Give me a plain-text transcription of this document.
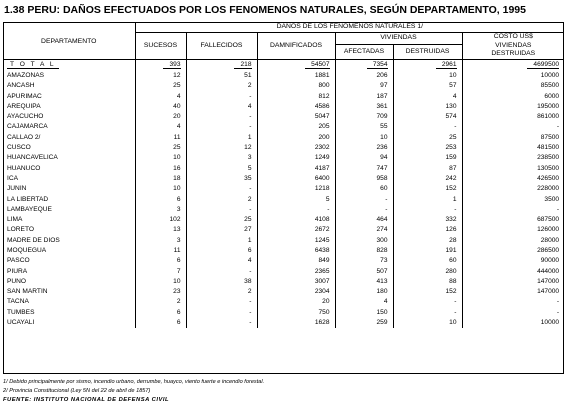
1.38 PERU: DAÑOS EFECTUADOS POR LOS FENOMENOS NATURALES, SEGÚN DEPARTAMENTO, 1995
DEPARTAMENTO	DAÑOS DE LOS FENOMENOS NATURALES 1/					
	SUCESOS	FALLECIDOS	DAMNIFICADOS	VIVIENDAS		COSTO US$ VIVIENDAS DESTRUIDAS
				AFECTADAS	DESTRUIDAS	
T O T A L	393	218	54507	7354	2961	4699500
AMAZONAS	12	51	1881	206	10	10000
ANCASH	25	2	800	97	57	85500
APURIMAC	4	-	812	187	4	6000
AREQUIPA	40	4	4586	361	130	195000
AYACUCHO	20	-	5047	709	574	861000
CAJAMARCA	4	-	205	55	-	-
CALLAO 2/	11	1	200	10	25	87500
CUSCO	25	12	2302	236	253	481500
HUANCAVELICA	10	3	1249	94	159	238500
HUANUCO	16	5	4187	747	87	130500
ICA	18	35	6400	958	242	426500
JUNIN	10	-	1218	60	152	228000
LA LIBERTAD	6	2	5	-	1	3500
LAMBAYEQUE	3	-	-	-	-	-
LIMA	102	25	4108	464	332	687500
LORETO	13	27	2672	274	126	126000
MADRE DE DIOS	3	1	1245	300	28	28000
MOQUEGUA	11	6	6438	828	191	286500
PASCO	6	4	849	73	60	90000
PIURA	7	-	2365	507	280	444000
PUNO	10	38	3007	413	88	147000
SAN MARTIN	23	2	2304	180	152	147000
TACNA	2	-	20	4	-	-
TUMBES	6	-	750	150	-	-
UCAYALI	6	-	1628	259	10	10000
1/ Debido principalmente por sismo, incendio urbano, derrumbe, huayco, viento fuerte e incendio forestal.
2/ Provincia Constitucional (Ley 5N del 22 de abril de 1857)
FUENTE: INSTITUTO NACIONAL DE DEFENSA CIVIL
